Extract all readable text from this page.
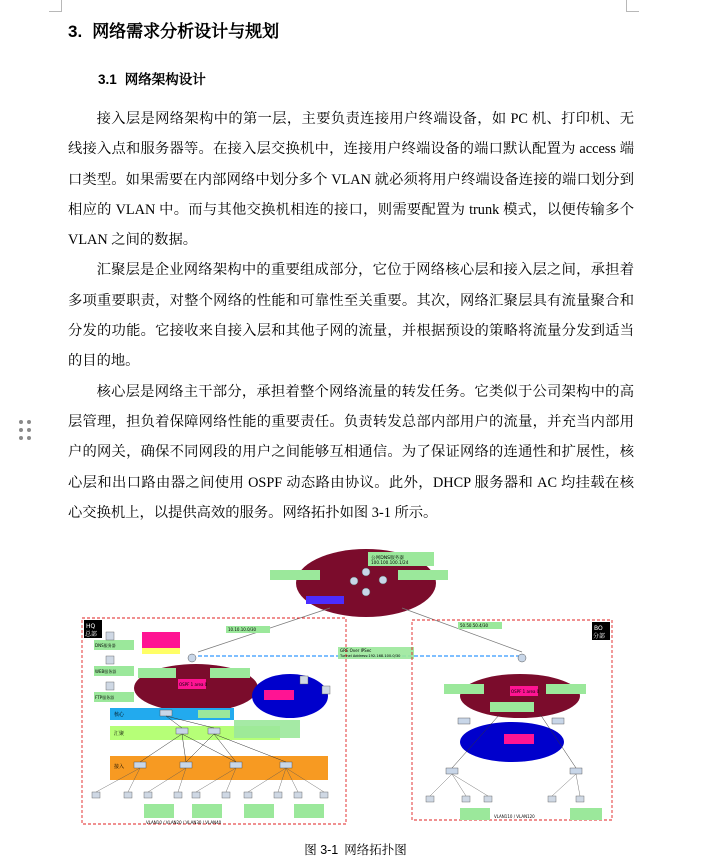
3. 网络需求分析设计与规划
3.1 网络架构设计

接入层是网络架构中的第一层，主要负责连接用户终端设备，如 PC 机、打印机、无线接入点和服务器等。在接入层交换机中，连接用户终端设备的端口默认配置为 access 端口类型。如果需要在内部网络中划分多个 VLAN 就必须将用户终端设备连接的端口划分到相应的 VLAN 中。而与其他交换机相连的接口，则需要配置为 trunk 模式，以便传输多个 VLAN 之间的数据。

汇聚层是企业网络架构中的重要组成部分，它位于网络核心层和接入层之间，承担着多项重要职责，对整个网络的性能和可靠性至关重要。其次，网络汇聚层具有流量聚合和分发的功能。它接收来自接入层和其他子网的流量，并根据预设的策略将流量分发到适当的目的地。

核心层是网络主干部分，承担着整个网络流量的转发任务。它类似于公司架构中的高层管理，担负着保障网络性能的重要责任。负责转发总部内部用户的流量，并充当内部用户的网关，确保不同网段的用户之间能够互相通信。为了保证网络的连通性和扩展性，核心层和出口路由器之间使用 OSPF 动态路由协议。此外，DHCP 服务器和 AC 均挂载在核心交换机上，以提供高效的服务。网络拓扑如图 3-1 所示。

公网DNS服务器
100.100.100.1/24
10.10.10.0/30
50.50.50.4/30
GRE Over IPSec
Tunnel Address:192.168.100.0/30
HQ
总部
BO
分部
DNS服务器
WEB服务器
FTP服务器
OSPF 1 area 0
核心
汇聚
接入
VLAN10 / VLAN20 / VLAN30 / VLAN40
OSPF 1 area 0
VLAN110 / VLAN120
图 3-1 网络拓扑图
